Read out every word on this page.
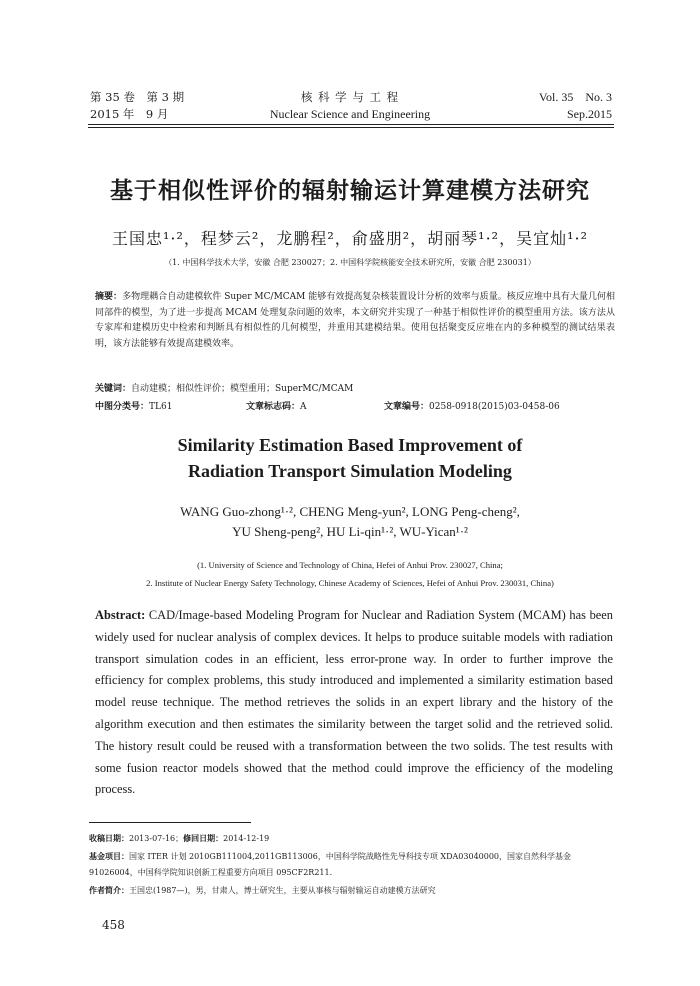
第 35 卷　第 3 期
2015 年　9 月
核 科 学 与 工 程
Nuclear Science and Engineering
Vol. 35　No. 3
Sep.2015
基于相似性评价的辐射输运计算建模方法研究
王国忠¹·²，程梦云²，龙鹏程²，俞盛朋²，胡丽琴¹·²，吴宜灿¹·²
（1. 中国科学技术大学，安徽 合肥 230027；2. 中国科学院核能安全技术研究所，安徽 合肥 230031）
摘要：多物理耦合自动建模软件 Super MC/MCAM 能够有效提高复杂核装置设计分析的效率与质量。核反应堆中具有大量几何相同部件的模型，为了进一步提高 MCAM 处理复杂问题的效率，本文研究并实现了一种基于相似性评价的模型重用方法。该方法从专家库和建模历史中检索和判断具有相似性的几何模型，并重用其建模结果。使用包括聚变反应堆在内的多种模型的测试结果表明，该方法能够有效提高建模效率。
关键词：自动建模；相似性评价；模型重用；SuperMC/MCAM
中图分类号：TL61	文章标志码：A	文章编号：0258-0918(2015)03-0458-06
Similarity Estimation Based Improvement of
Radiation Transport Simulation Modeling
WANG Guo-zhong¹·², CHENG Meng-yun², LONG Peng-cheng²,
YU Sheng-peng², HU Li-qin¹·², WU-Yican¹·²
(1. University of Science and Technology of China, Hefei of Anhui Prov. 230027, China;
2. Institute of Nuclear Energy Safety Technology, Chinese Academy of Sciences, Hefei of Anhui Prov. 230031, China)
Abstract: CAD/Image-based Modeling Program for Nuclear and Radiation System (MCAM) has been widely used for nuclear analysis of complex devices. It helps to produce suitable models with radiation transport simulation codes in an efficient, less error-prone way. In order to further improve the efficiency for complex problems, this study introduced and implemented a similarity estimation based model reuse technique. The method retrieves the solids in an expert library and the history of the algorithm execution and then estimates the similarity between the target solid and the retrieved solid. The history result could be reused with a transformation between the two solids. The test results with some fusion reactor models showed that the method could improve the efficiency of the modeling process.
收稿日期：2013-07-16；修回日期：2014-12-19
基金项目：国家 ITER 计划 2010GB111004,2011GB113006，中国科学院战略性先导科技专项 XDA03040000，国家自然科学基金 91026004，中国科学院知识创新工程重要方向项目 095CF2R211.
作者简介：王国忠(1987—)，男，甘肃人，博士研究生，主要从事核与辐射输运自动建模方法研究
458
